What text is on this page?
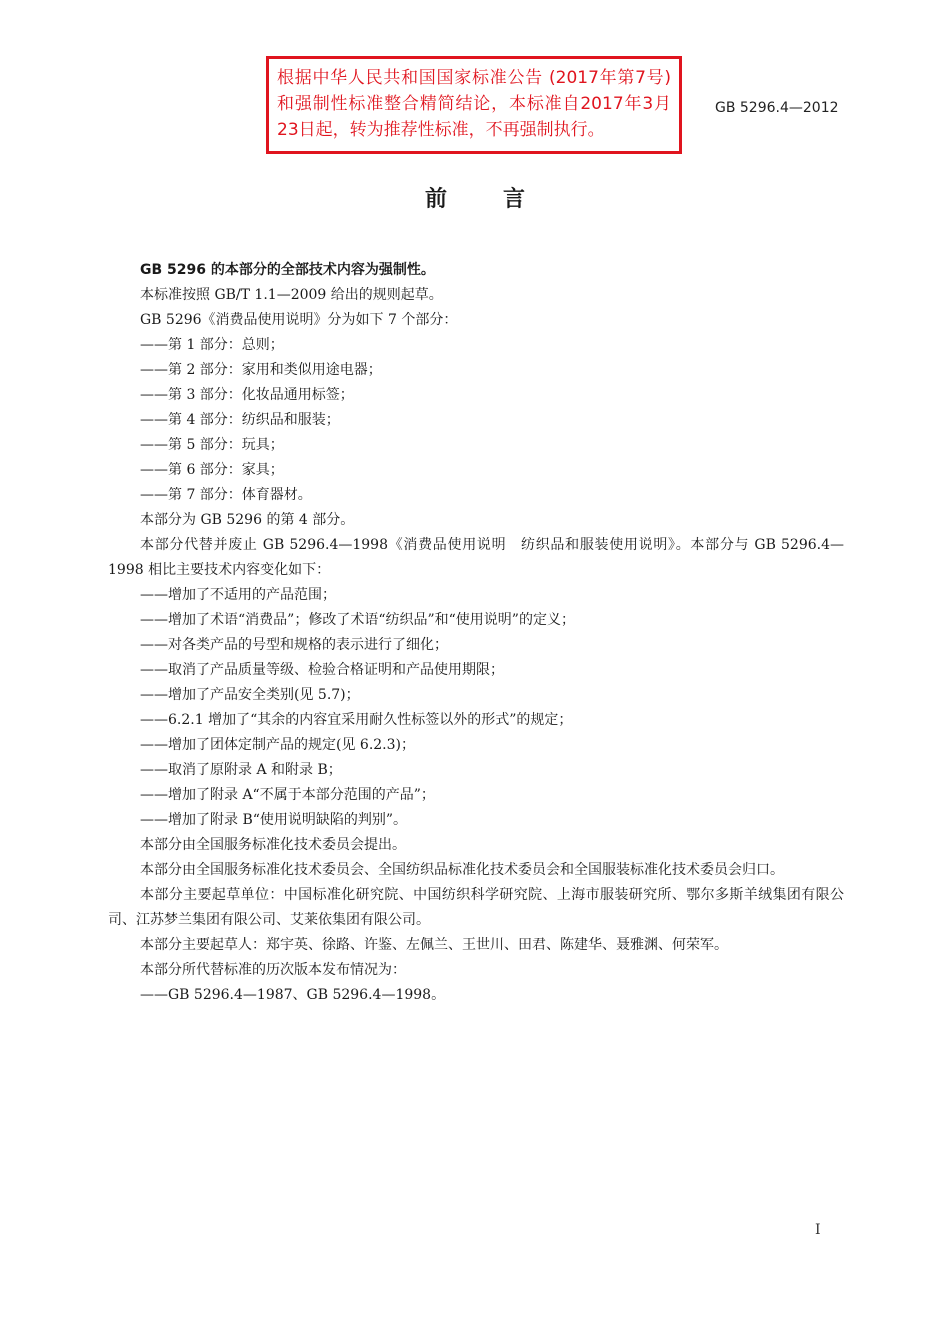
根据中华人民共和国国家标准公告 (2017年第7号) 和强制性标准整合精简结论，本标准自2017年3月23日起，转为推荐性标准，不再强制执行。
GB 5296.4—2012
前言

GB 5296 的本部分的全部技术内容为强制性。

本标准按照 GB/T 1.1—2009 给出的规则起草。

GB 5296《消费品使用说明》分为如下 7 个部分：

——第 1 部分：总则；

——第 2 部分：家用和类似用途电器；

——第 3 部分：化妆品通用标签；

——第 4 部分：纺织品和服装；

——第 5 部分：玩具；

——第 6 部分：家具；

——第 7 部分：体育器材。

本部分为 GB 5296 的第 4 部分。

本部分代替并废止 GB 5296.4—1998《消费品使用说明　纺织品和服装使用说明》。本部分与 GB 5296.4—1998 相比主要技术内容变化如下：

——增加了不适用的产品范围；

——增加了术语“消费品”；修改了术语“纺织品”和“使用说明”的定义；

——对各类产品的号型和规格的表示进行了细化；

——取消了产品质量等级、检验合格证明和产品使用期限；

——增加了产品安全类别(见 5.7)；

——6.2.1 增加了“其余的内容宜采用耐久性标签以外的形式”的规定；

——增加了团体定制产品的规定(见 6.2.3)；

——取消了原附录 A 和附录 B；

——增加了附录 A“不属于本部分范围的产品”；

——增加了附录 B“使用说明缺陷的判别”。

本部分由全国服务标准化技术委员会提出。

本部分由全国服务标准化技术委员会、全国纺织品标准化技术委员会和全国服装标准化技术委员会归口。

本部分主要起草单位：中国标准化研究院、中国纺织科学研究院、上海市服装研究所、鄂尔多斯羊绒集团有限公司、江苏梦兰集团有限公司、艾莱依集团有限公司。

本部分主要起草人：郑宇英、徐路、许鉴、左佩兰、王世川、田君、陈建华、聂雅渊、何荣军。

本部分所代替标准的历次版本发布情况为：

——GB 5296.4—1987、GB 5296.4—1998。

I
